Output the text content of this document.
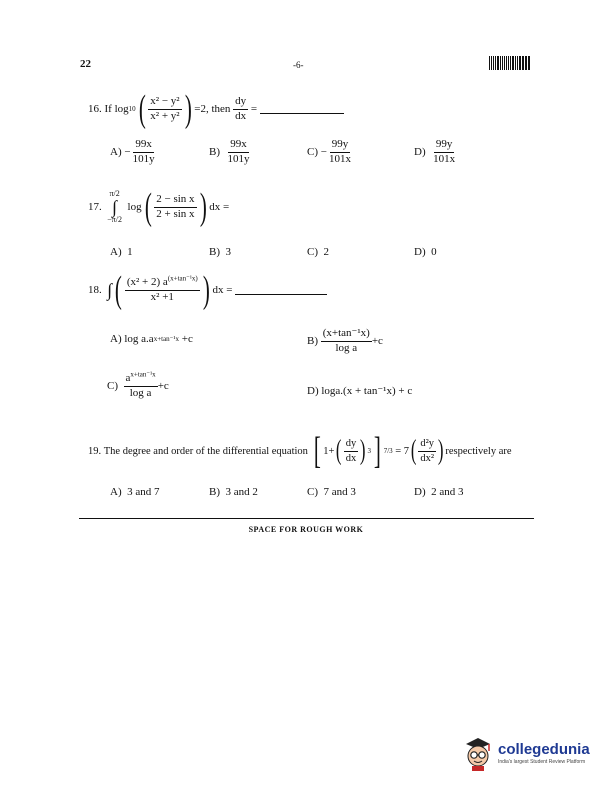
22	-6-
16.
If log 10 ( $\frac{\text{x² − y²}}{\text{x² + y²}}$ ) =2, then
$\frac{dy}{dx}$
=

A)
− $\frac{99x}{101y}$	B)
$\frac{99x}{101y}$	C)
− $\frac{99y}{101x}$	D)
$\frac{99y}{101x}$
17.

π/2
∫
−π/2

log ( $\frac{\text{2 − sin x}}{\text{2 + sin x}}$ ) dx =
A) 1	B) 3	C) 2	D) 0
18.
∫ ( $\frac{(x^2 + 2) a^{(x+tan^{-1}x)}}{\text{x² +1}}$ ) dx =

A)
log a.a x+tan⁻¹x
+c	B)
$\frac{\text{(x+tan⁻¹x)}}{\text{log a}} +c$
C)
$\frac{a^{x+tan^{-1}x}}{\text{log a}} +c$	D)
loga.(x + tan⁻¹x) + c
19.
The degree and order of the differential equation
[ 1+ ( $\frac{dy}{dx}$ ) 3 ] 7/3
= 7 ( $\frac{\text{d²y}}{\text{dx²}}$ ) respectively are
A) 3 and 7	B) 3 and 2	C) 7 and 3	D) 2 and 3
SPACE FOR ROUGH WORK
collegedunia
India's largest Student Review Platform
